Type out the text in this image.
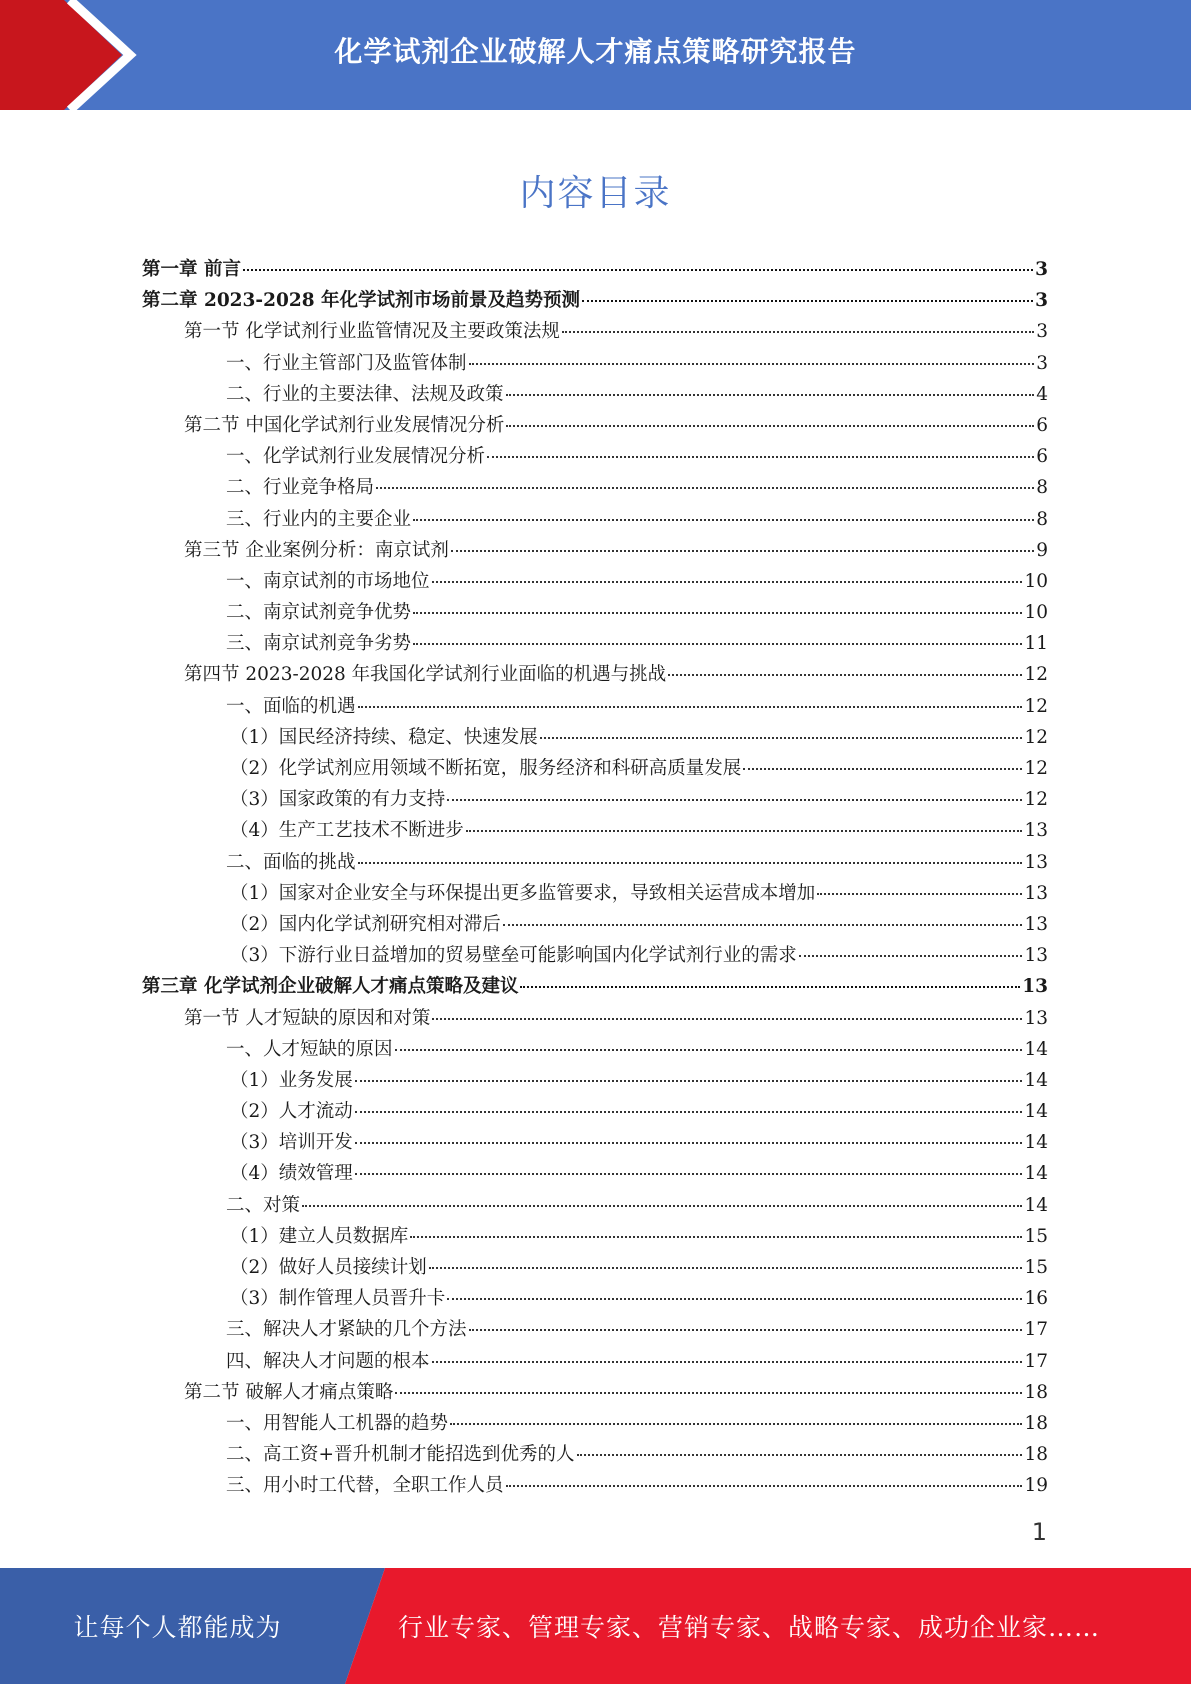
化学试剂企业破解人才痛点策略研究报告
内容目录
第一章 前言	3
第二章 2023-2028 年化学试剂市场前景及趋势预测	3
第一节 化学试剂行业监管情况及主要政策法规	3
一、行业主管部门及监管体制	3
二、行业的主要法律、法规及政策	4
第二节 中国化学试剂行业发展情况分析	6
一、化学试剂行业发展情况分析	6
二、行业竞争格局	8
三、行业内的主要企业	8
第三节 企业案例分析：南京试剂	9
一、南京试剂的市场地位	10
二、南京试剂竞争优势	10
三、南京试剂竞争劣势	11
第四节 2023-2028 年我国化学试剂行业面临的机遇与挑战	12
一、面临的机遇	12
（1）国民经济持续、稳定、快速发展	12
（2）化学试剂应用领域不断拓宽，服务经济和科研高质量发展	12
（3）国家政策的有力支持	12
（4）生产工艺技术不断进步	13
二、面临的挑战	13
（1）国家对企业安全与环保提出更多监管要求，导致相关运营成本增加	13
（2）国内化学试剂研究相对滞后	13
（3）下游行业日益增加的贸易壁垒可能影响国内化学试剂行业的需求	13
第三章 化学试剂企业破解人才痛点策略及建议	13
第一节 人才短缺的原因和对策	13
一、人才短缺的原因	14
（1）业务发展	14
（2）人才流动	14
（3）培训开发	14
（4）绩效管理	14
二、对策	14
（1）建立人员数据库	15
（2）做好人员接续计划	15
（3）制作管理人员晋升卡	16
三、解决人才紧缺的几个方法	17
四、解决人才问题的根本	17
第二节 破解人才痛点策略	18
一、用智能人工机器的趋势	18
二、高工资+晋升机制才能招选到优秀的人	18
三、用小时工代替，全职工作人员	19
1
让每个人都能成为	行业专家、管理专家、营销专家、战略专家、成功企业家……
